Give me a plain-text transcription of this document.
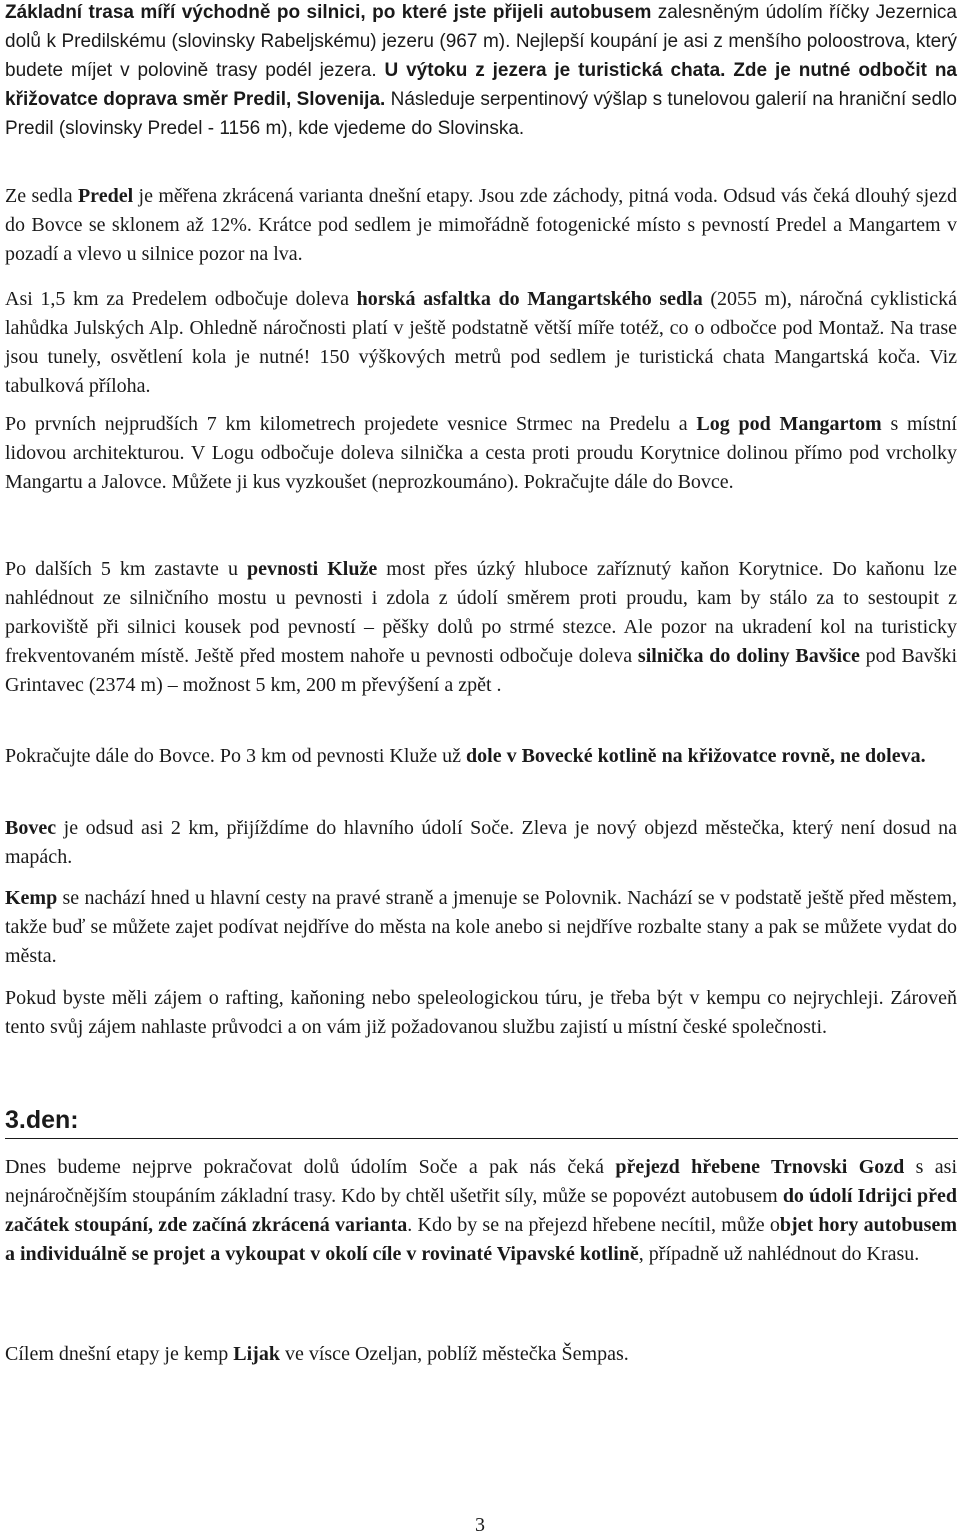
Základní trasa míří východně po silnici, po které jste přijeli autobusem zalesněným údolím říčky Jezernica dolů k Predilskému (slovinsky Rabeljskému) jezeru (967 m). Nejlepší koupání je asi z menšího poloostrova, který budete míjet v polovině trasy podél jezera. U výtoku z jezera je turistická chata. Zde je nutné odbočit na křižovatce doprava směr Predil, Slovenija. Následuje serpentinový výšlap s tunelovou galerií na hraniční sedlo Predil (slovinsky Predel - 1156 m), kde vjedeme do Slovinska.

Ze sedla Predel je měřena zkrácená varianta dnešní etapy. Jsou zde záchody, pitná voda. Odsud vás čeká dlouhý sjezd do Bovce se sklonem až 12%. Krátce pod sedlem je mimořádně fotogenické místo s pevností Predel a Mangartem v pozadí a vlevo u silnice pozor na lva.

Asi 1,5 km za Predelem odbočuje doleva horská asfaltka do Mangartského sedla (2055 m), náročná cyklistická lahůdka Julských Alp. Ohledně náročnosti platí v ještě podstatně větší míře totéž, co o odbočce pod Montaž. Na trase jsou tunely, osvětlení kola je nutné! 150 výškových metrů pod sedlem je turistická chata Mangartská koča. Viz tabulková příloha.

Po prvních nejprudších 7 km kilometrech projedete vesnice Strmec na Predelu a Log pod Mangartom s místní lidovou architekturou. V Logu odbočuje doleva silnička a cesta proti proudu Korytnice dolinou přímo pod vrcholky Mangartu a Jalovce. Můžete ji kus vyzkoušet (neprozkoumáno). Pokračujte dále do Bovce.

Po dalších 5 km zastavte u pevnosti Kluže most přes úzký hluboce zaříznutý kaňon Korytnice. Do kaňonu lze nahlédnout ze silničního mostu u pevnosti i zdola z údolí směrem proti proudu, kam by stálo za to sestoupit z parkoviště při silnici kousek pod pevností – pěšky dolů po strmé stezce. Ale pozor na ukradení kol na turisticky frekventovaném místě. Ještě před mostem nahoře u pevnosti odbočuje doleva silnička do doliny Bavšice pod Bavški Grintavec (2374 m) – možnost 5 km, 200 m převýšení a zpět .

Pokračujte dále do Bovce. Po 3 km od pevnosti Kluže už dole v Bovecké kotlině na křižovatce rovně, ne doleva.

Bovec je odsud asi 2 km, přijíždíme do hlavního údolí Soče. Zleva je nový objezd městečka, který není dosud na mapách.

Kemp se nachází hned u hlavní cesty na pravé straně a jmenuje se Polovnik. Nachází se v podstatě ještě před městem, takže buď se můžete zajet podívat nejdříve do města na kole anebo si nejdříve rozbalte stany a pak se můžete vydat do města.

Pokud byste měli zájem o rafting, kaňoning nebo speleologickou túru, je třeba být v kempu co nejrychleji. Zároveň tento svůj zájem nahlaste průvodci a on vám již požadovanou službu zajistí u místní české společnosti.

3.den:

Dnes budeme nejprve pokračovat dolů údolím Soče a pak nás čeká přejezd hřebene Trnovski Gozd s asi nejnáročnějším stoupáním základní trasy. Kdo by chtěl ušetřit síly, může se popovézt autobusem do údolí Idrijci před začátek stoupání, zde začíná zkrácená varianta. Kdo by se na přejezd hřebene necítil, může objet hory autobusem a individuálně se projet a vykoupat v okolí cíle v rovinaté Vipavské kotlině, případně už nahlédnout do Krasu.

Cílem dnešní etapy je kemp Lijak ve vísce Ozeljan, poblíž městečka Šempas.

3
